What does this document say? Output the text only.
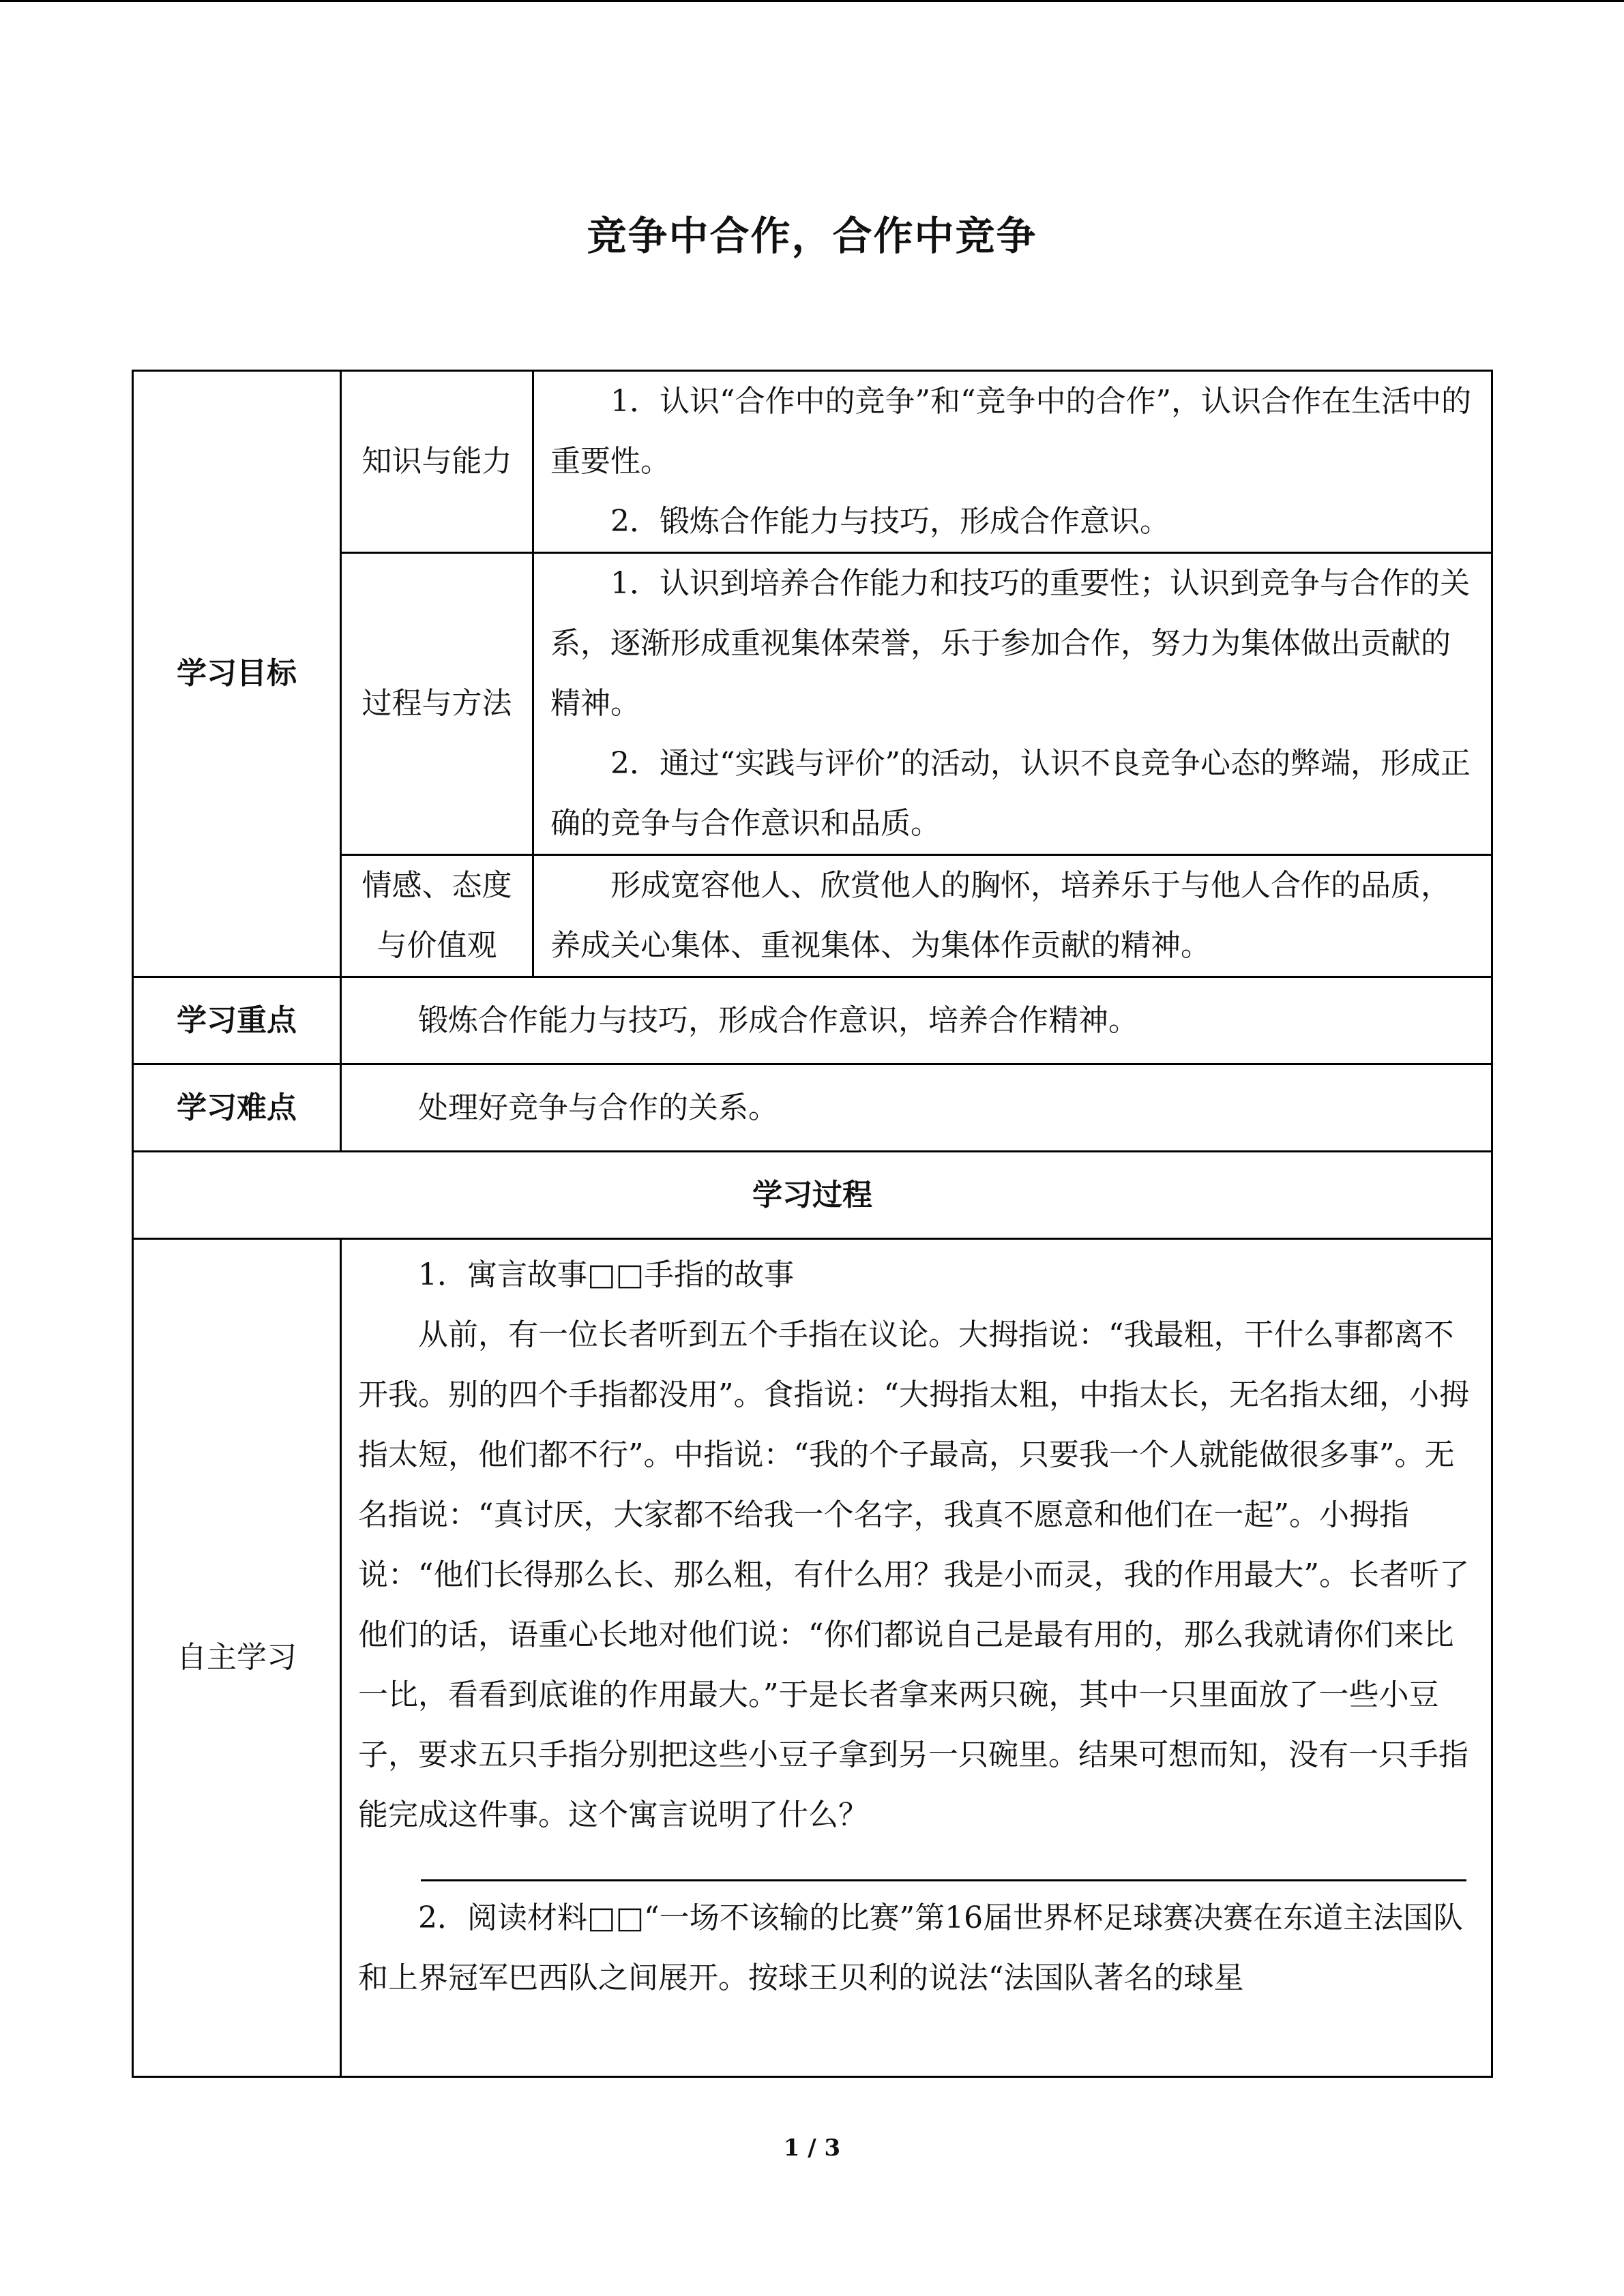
竞争中合作，合作中竞争
学习目标	知识与能力	1．认识“合作中的竞争”和“竞争中的合作”，认识合作在生活中的重要性。

2．锻炼合作能力与技巧，形成合作意识。

	过程与方法	1．认识到培养合作能力和技巧的重要性；认识到竞争与合作的关系，逐渐形成重视集体荣誉，乐于参加合作，努力为集体做出贡献的精神。

2．通过“实践与评价”的活动，认识不良竞争心态的弊端，形成正确的竞争与合作意识和品质。

	情感、态度与价值观	形成宽容他人、欣赏他人的胸怀，培养乐于与他人合作的品质，养成关心集体、重视集体、为集体作贡献的精神。

学习重点	锻炼合作能力与技巧，形成合作意识，培养合作精神。	
学习难点	处理好竞争与合作的关系。	
学习过程		
自主学习	1．寓言故事□□手指的故事

从前，有一位长者听到五个手指在议论。大拇指说：“我最粗，干什么事都离不开我。别的四个手指都没用”。食指说：“大拇指太粗，中指太长，无名指太细，小拇指太短，他们都不行”。中指说：“我的个子最高，只要我一个人就能做很多事”。无名指说：“真讨厌，大家都不给我一个名字，我真不愿意和他们在一起”。小拇指说：“他们长得那么长、那么粗，有什么用？我是小而灵，我的作用最大”。长者听了他们的话，语重心长地对他们说：“你们都说自己是最有用的，那么我就请你们来比一比，看看到底谁的作用最大。”于是长者拿来两只碗，其中一只里面放了一些小豆子，要求五只手指分别把这些小豆子拿到另一只碗里。结果可想而知，没有一只手指能完成这件事。这个寓言说明了什么？

2．阅读材料□□“一场不该输的比赛”第16届世界杯足球赛决赛在东道主法国队和上界冠军巴西队之间展开。按球王贝利的说法“法国队著名的球星	

1 / 3
